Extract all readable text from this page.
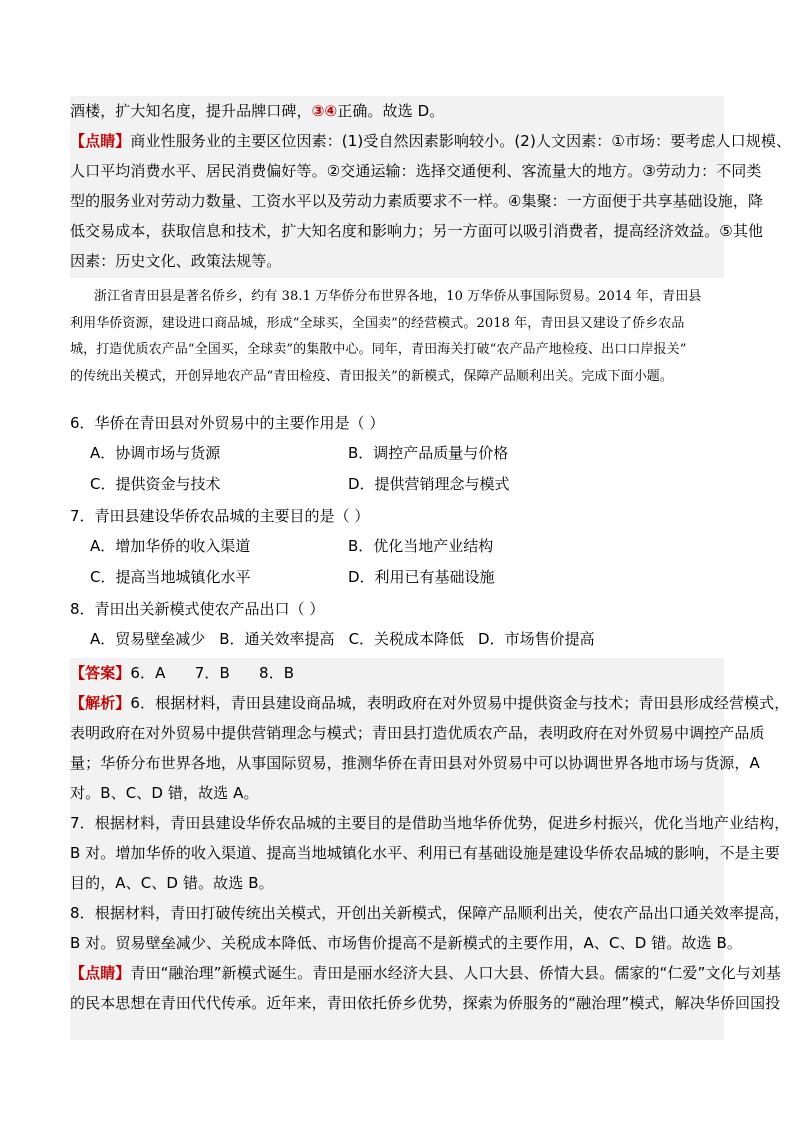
酒楼，扩大知名度，提升品牌口碑，③④正确。故选 D。
【点睛】商业性服务业的主要区位因素：(1)受自然因素影响较小。(2)人文因素：①市场：要考虑人口规模、
人口平均消费水平、居民消费偏好等。②交通运输：选择交通便利、客流量大的地方。③劳动力：不同类
型的服务业对劳动力数量、工资水平以及劳动力素质要求不一样。④集聚：一方面便于共享基础设施，降
低交易成本，获取信息和技术，扩大知名度和影响力；另一方面可以吸引消费者，提高经济效益。⑤其他
因素：历史文化、政策法规等。
浙江省青田县是著名侨乡，约有 38.1 万华侨分布世界各地，10 万华侨从事国际贸易。2014 年，青田县
利用华侨资源，建设进口商品城，形成“全球买，全国卖”的经营模式。2018 年，青田县又建设了侨乡农品
城，打造优质农产品“全国买，全球卖”的集散中心。同年，青田海关打破“农产品产地检疫、出口口岸报关”
的传统出关模式，开创异地农产品“青田检疫、青田报关”的新模式，保障产品顺利出关。完成下面小题。
6．华侨在青田县对外贸易中的主要作用是（ ）
A．协调市场与货源	B．调控产品质量与价格
C．提供资金与技术	D．提供营销理念与模式
7．青田县建设华侨农品城的主要目的是（ ）
A．增加华侨的收入渠道	B．优化当地产业结构
C．提高当地城镇化水平	D．利用已有基础设施
8．青田出关新模式使农产品出口（ ）
A．贸易壁垒减少 B．通关效率提高 C．关税成本降低 D．市场售价提高
【答案】6．A      7．B      8．B
【解析】6．根据材料，青田县建设商品城，表明政府在对外贸易中提供资金与技术；青田县形成经营模式，
表明政府在对外贸易中提供营销理念与模式；青田县打造优质农产品，表明政府在对外贸易中调控产品质
量；华侨分布世界各地，从事国际贸易，推测华侨在青田县对外贸易中可以协调世界各地市场与货源，A
对。B、C、D 错，故选 A。
7．根据材料，青田县建设华侨农品城的主要目的是借助当地华侨优势，促进乡村振兴，优化当地产业结构，
B 对。增加华侨的收入渠道、提高当地城镇化水平、利用已有基础设施是建设华侨农品城的影响，不是主要
目的，A、C、D 错。故选 B。
8．根据材料，青田打破传统出关模式，开创出关新模式，保障产品顺利出关，使农产品出口通关效率提高，
B 对。贸易壁垒减少、关税成本降低、市场售价提高不是新模式的主要作用，A、C、D 错。故选 B。
【点睛】青田“融治理”新模式诞生。青田是丽水经济大县、人口大县、侨情大县。儒家的“仁爱”文化与刘基
的民本思想在青田代代传承。近年来，青田依托侨乡优势，探索为侨服务的“融治理”模式，解决华侨回国投
